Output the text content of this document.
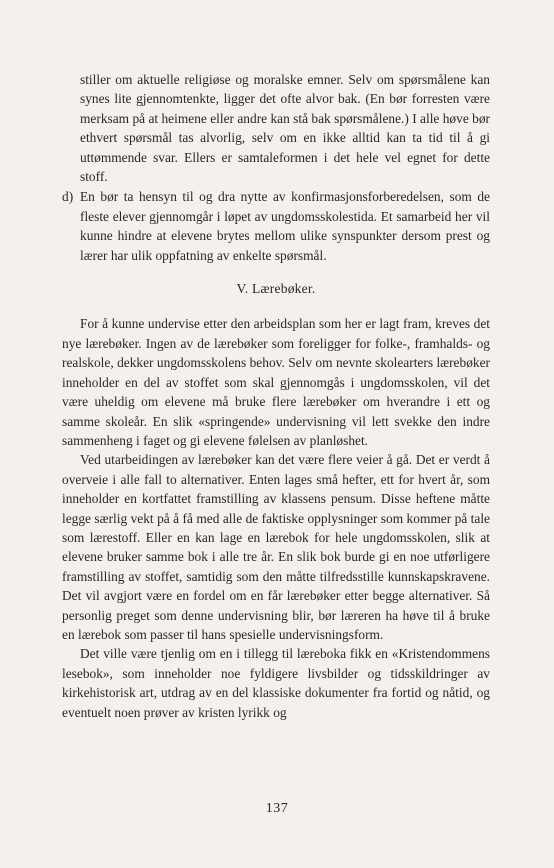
stiller om aktuelle religiøse og moralske emner. Selv om spørsmålene kan synes lite gjennomtenkte, ligger det ofte alvor bak. (En bør forresten være merksam på at heimene eller andre kan stå bak spørsmålene.) I alle høve bør ethvert spørsmål tas alvorlig, selv om en ikke alltid kan ta tid til å gi uttømmende svar. Ellers er samtaleformen i det hele vel egnet for dette stoff.

d) En bør ta hensyn til og dra nytte av konfirmasjonsforberedelsen, som de fleste elever gjennomgår i løpet av ungdomsskolestida. Et samarbeid her vil kunne hindre at elevene brytes mellom ulike synspunkter dersom prest og lærer har ulik oppfatning av enkelte spørsmål.

V. Lærebøker.

For å kunne undervise etter den arbeidsplan som her er lagt fram, kreves det nye lærebøker. Ingen av de lærebøker som foreligger for folke-, framhalds- og realskole, dekker ungdomsskolens behov. Selv om nevnte skolearters lærebøker inneholder en del av stoffet som skal gjennomgås i ungdomsskolen, vil det være uheldig om elevene må bruke flere lærebøker om hverandre i ett og samme skoleår. En slik «springende» undervisning vil lett svekke den indre sammenheng i faget og gi elevene følelsen av planløshet.

Ved utarbeidingen av lærebøker kan det være flere veier å gå. Det er verdt å overveie i alle fall to alternativer. Enten lages små hefter, ett for hvert år, som inneholder en kortfattet framstilling av klassens pensum. Disse heftene måtte legge særlig vekt på å få med alle de faktiske opplysninger som kommer på tale som lærestoff. Eller en kan lage en lærebok for hele ungdomsskolen, slik at elevene bruker samme bok i alle tre år. En slik bok burde gi en noe utførligere framstilling av stoffet, samtidig som den måtte tilfredsstille kunnskapskravene. Det vil avgjort være en fordel om en får lærebøker etter begge alternativer. Så personlig preget som denne undervisning blir, bør læreren ha høve til å bruke en lærebok som passer til hans spesielle undervisningsform.

Det ville være tjenlig om en i tillegg til læreboka fikk en «Kristendommens lesebok», som inneholder noe fyldigere livsbilder og tidsskildringer av kirkehistorisk art, utdrag av en del klassiske dokumenter fra fortid og nåtid, og eventuelt noen prøver av kristen lyrikk og

137
